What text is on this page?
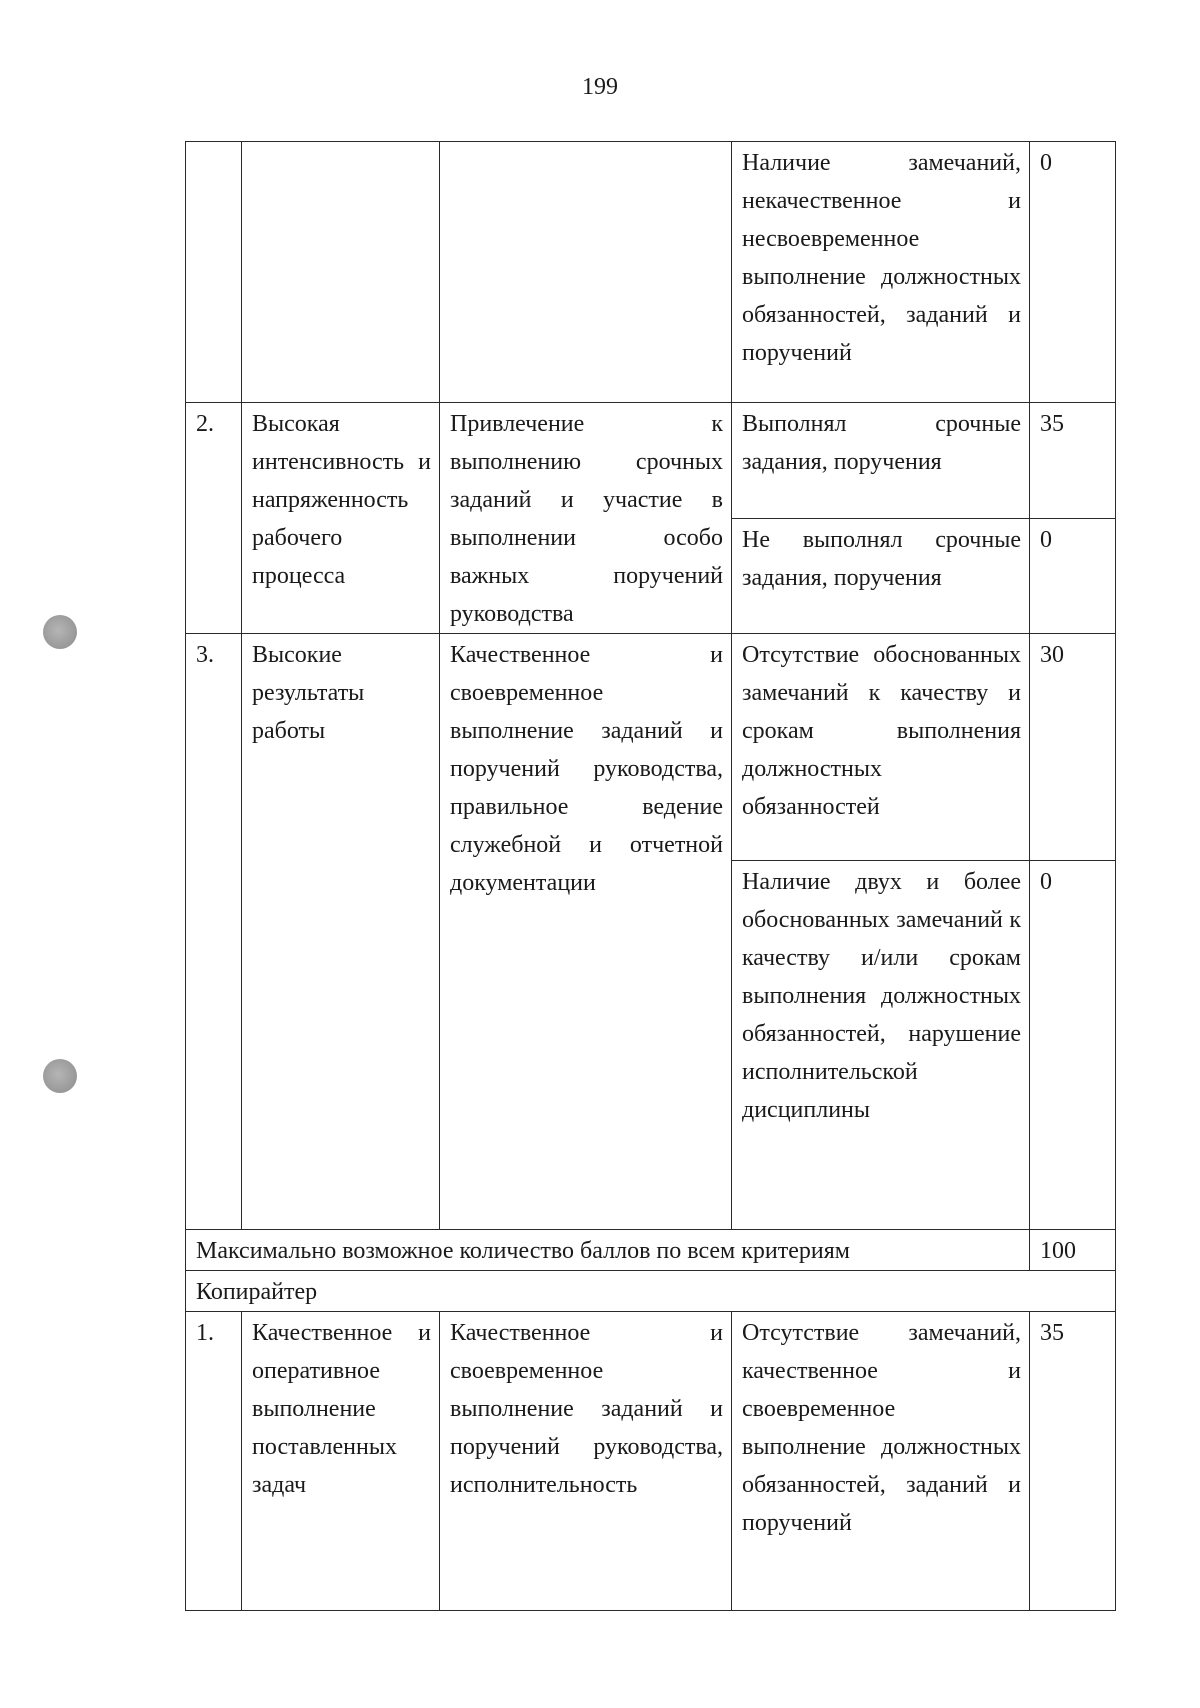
199
			Наличие замечаний, некачественное и несвоевременное выполнение должностных обязанностей, заданий и поручений	0
2.	Высокая интенсивность и напряженность рабочего процесса	Привлечение к выполнению срочных заданий и участие в выполнении особо важных поручений руководства	Выполнял срочные задания, поручения	35
			Не выполнял срочные задания, поручения	0
3.	Высокие результаты работы	Качественное и своевременное выполнение заданий и поручений руководства, правильное ведение служебной и отчетной документации	Отсутствие обоснованных замечаний к качеству и срокам выполнения должностных обязанностей	30
			Наличие двух и более обоснованных замечаний к качеству и/или срокам выполнения должностных обязанностей, нарушение исполнительской дисциплины	0
Максимально возможное количество баллов по всем критериям				100
Копирайтер				
1.	Качественное и оперативное выполнение поставленных задач	Качественное и своевременное выполнение заданий и поручений руководства, исполнительность	Отсутствие замечаний, качественное и своевременное выполнение должностных обязанностей, заданий и поручений	35
